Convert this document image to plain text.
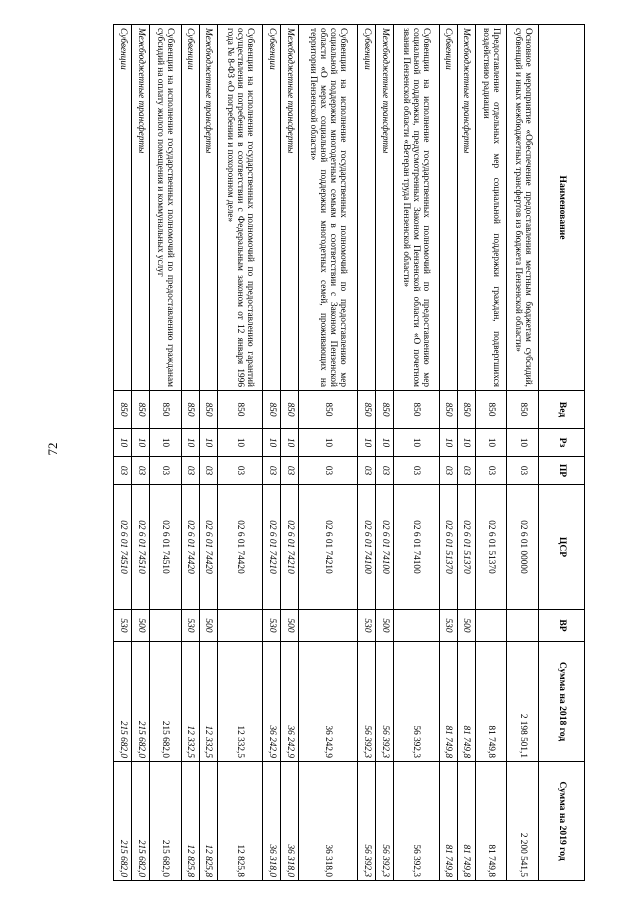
72
Наименование	Вед	Рз	ПР	ЦСР	ВР	Сумма на 2018 год	Сумма на 2019 год
Основное мероприятие «Обеспечение предоставления местным бюджетам субсидий, субвенций и иных межбюджетных трансфертов из бюджета Пензенской области»	850	10	03	02 6 01 00000		2 198 501,1	2 200 541,5
Предоставление отдельных мер социальной поддержки граждан, подвергшихся воздействию радиации	850	10	03	02 6 01 51370		81 749,8	81 749,8
Межбюджетные трансферты	850	10	03	02 6 01 51370	500	81 749,8	81 749,8
Субвенции	850	10	03	02 6 01 51370	530	81 749,8	81 749,8
Субвенции на исполнение государственных полномочий по предоставлению мер социальной поддержки, предусмотренных Законом Пензенской области «О почетном звании Пензенской области «Ветеран труда Пензенской области»	850	10	03	02 6 01 74100		56 392,3	56 392,3
Межбюджетные трансферты	850	10	03	02 6 01 74100	500	56 392,3	56 392,3
Субвенции	850	10	03	02 6 01 74100	530	56 392,3	56 392,3
Субвенции на исполнение государственных полномочий по предоставлению мер социальной поддержки многодетным семьям в соответствии с Законом Пензенской области «О мерах социальной поддержки многодетных семей, проживающих на территории Пензенской области»	850	10	03	02 6 01 74210		36 242,9	36 318,0
Межбюджетные трансферты	850	10	03	02 6 01 74210	500	36 242,9	36 318,0
Субвенции	850	10	03	02 6 01 74210	530	36 242,9	36 318,0
Субвенции на исполнение государственных полномочий по предоставлению гарантий осуществления погребения в соответствии с Федеральным законом от 12 января 1996 года № 8-ФЗ «О погребении и похоронном деле»	850	10	03	02 6 01 74420		12 332,5	12 825,8
Межбюджетные трансферты	850	10	03	02 6 01 74420	500	12 332,5	12 825,8
Субвенции	850	10	03	02 6 01 74420	530	12 332,5	12 825,8
Субвенции на исполнение государственных полномочий по предоставлению гражданам субсидий на оплату жилого помещения и коммунальных услуг	850	10	03	02 6 01 74510		215 682,0	215 682,0
Межбюджетные трансферты	850	10	03	02 6 01 74510	500	215 682,0	215 682,0
Субвенции	850	10	03	02 6 01 74510	530	215 682,0	215 682,0
